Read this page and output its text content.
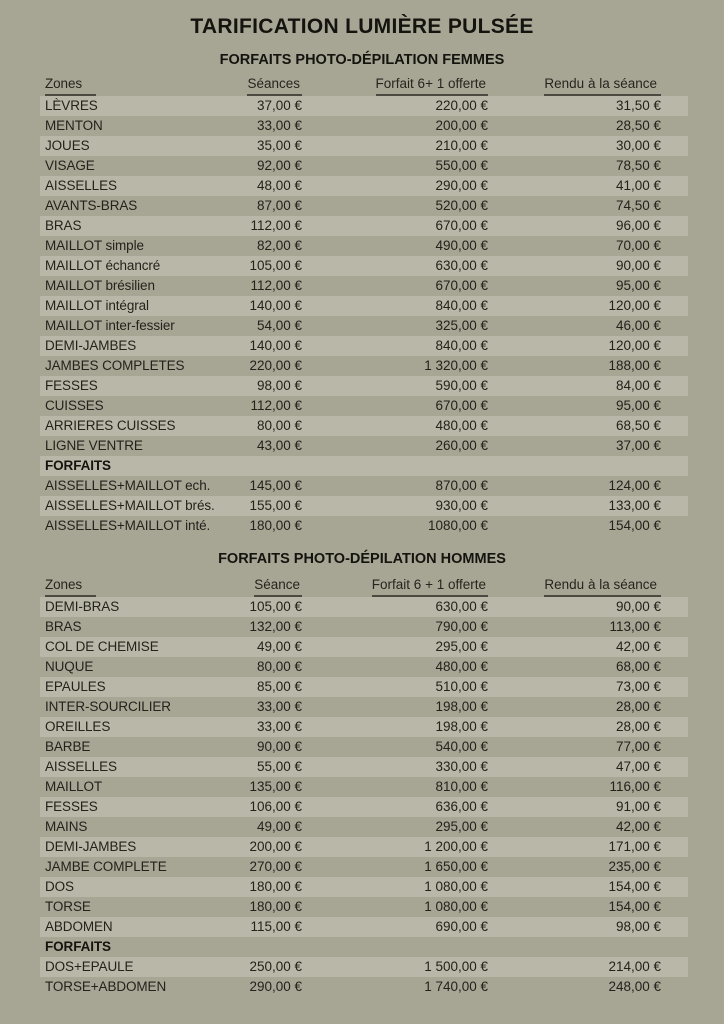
TARIFICATION LUMIÈRE PULSÉE
FORFAITS PHOTO-DÉPILATION FEMMES
Zones	Séances	Forfait 6+ 1 offerte	Rendu à la séance
LÈVRES	37,00 €	220,00 €	31,50 €
MENTON	33,00 €	200,00 €	28,50 €
JOUES	35,00 €	210,00 €	30,00 €
VISAGE	92,00 €	550,00 €	78,50 €
AISSELLES	48,00 €	290,00 €	41,00 €
AVANTS-BRAS	87,00 €	520,00 €	74,50 €
BRAS	112,00 €	670,00 €	96,00 €
MAILLOT simple	82,00 €	490,00 €	70,00 €
MAILLOT échancré	105,00 €	630,00 €	90,00 €
MAILLOT brésilien	112,00 €	670,00 €	95,00 €
MAILLOT intégral	140,00 €	840,00 €	120,00 €
MAILLOT inter-fessier	54,00 €	325,00 €	46,00 €
DEMI-JAMBES	140,00 €	840,00 €	120,00 €
JAMBES COMPLETES	220,00 €	1 320,00 €	188,00 €
FESSES	98,00 €	590,00 €	84,00 €
CUISSES	112,00 €	670,00 €	95,00 €
ARRIERES CUISSES	80,00 €	480,00 €	68,50 €
LIGNE VENTRE	43,00 €	260,00 €	37,00 €
FORFAITS
AISSELLES+MAILLOT ech.	145,00 €	870,00 €	124,00 €
AISSELLES+MAILLOT brés.	155,00 €	930,00 €	133,00 €
AISSELLES+MAILLOT inté.	180,00 €	1080,00 €	154,00 €
FORFAITS PHOTO-DÉPILATION HOMMES
Zones	Séance	Forfait 6 + 1 offerte	Rendu à la séance
DEMI-BRAS	105,00 €	630,00 €	90,00 €
BRAS	132,00 €	790,00 €	113,00 €
COL DE CHEMISE	49,00 €	295,00 €	42,00 €
NUQUE	80,00 €	480,00 €	68,00 €
EPAULES	85,00 €	510,00 €	73,00 €
INTER-SOURCILIER	33,00 €	198,00 €	28,00 €
OREILLES	33,00 €	198,00 €	28,00 €
BARBE	90,00 €	540,00 €	77,00 €
AISSELLES	55,00 €	330,00 €	47,00 €
MAILLOT	135,00 €	810,00 €	116,00 €
FESSES	106,00 €	636,00 €	91,00 €
MAINS	49,00 €	295,00 €	42,00 €
DEMI-JAMBES	200,00 €	1 200,00 €	171,00 €
JAMBE COMPLETE	270,00 €	1 650,00 €	235,00 €
DOS	180,00 €	1 080,00 €	154,00 €
TORSE	180,00 €	1 080,00 €	154,00 €
ABDOMEN	115,00 €	690,00 €	98,00 €
FORFAITS
DOS+EPAULE	250,00 €	1 500,00 €	214,00 €
TORSE+ABDOMEN	290,00 €	1 740,00 €	248,00 €
